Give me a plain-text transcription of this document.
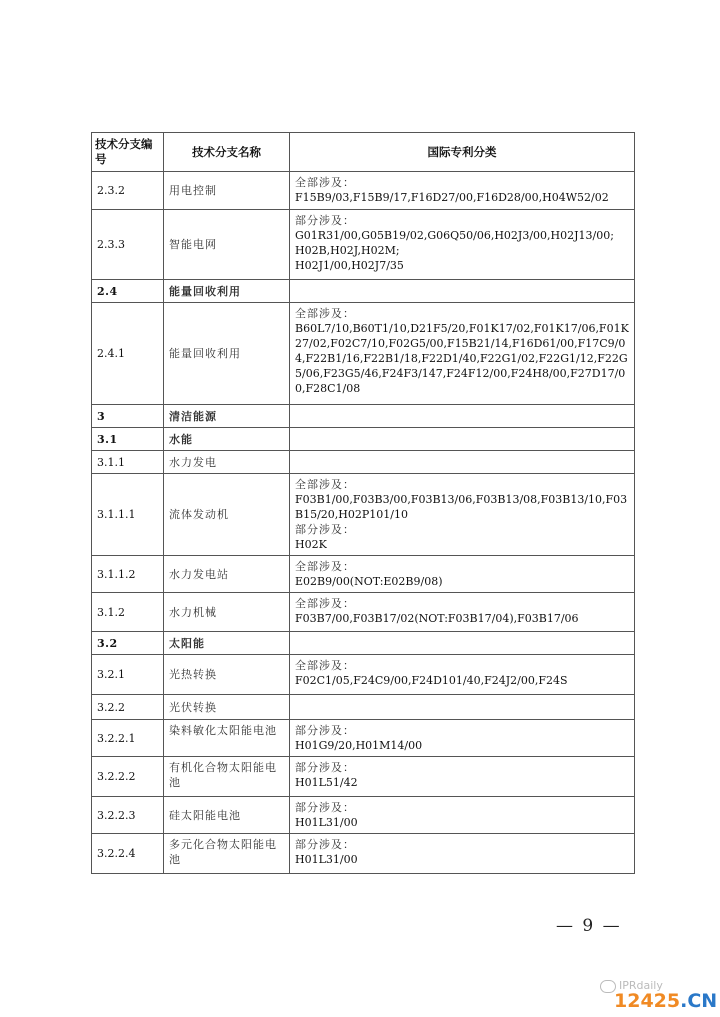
技术分支编号	技术分支名称	国际专利分类
2.3.2	用电控制	全部涉及：
F15B9/03,F15B9/17,F16D27/00,F16D28/00,H04W52/02

2.3.3	智能电网	部分涉及：
G01R31/00,G05B19/02,G06Q50/06,H02J3/00,H02J13/00;
H02B,H02J,H02M;
H02J1/00,H02J7/35

2.4	能量回收利用	
2.4.1	能量回收利用	全部涉及：
B60L7/10,B60T1/10,D21F5/20,F01K17/02,F01K17/06,F01K27/02,F02C7/10,F02G5/00,F15B21/14,F16D61/00,F17C9/04,F22B1/16,F22B1/18,F22D1/40,F22G1/02,F22G1/12,F22G5/06,F23G5/46,F24F3/147,F24F12/00,F24H8/00,F27D17/00,F28C1/08

3	清洁能源	
3.1	水能	
3.1.1	水力发电	
3.1.1.1	流体发动机	全部涉及：
F03B1/00,F03B3/00,F03B13/06,F03B13/08,F03B13/10,F03B15/20,H02P101/10
部分涉及：
H02K

3.1.1.2	水力发电站	全部涉及：
E02B9/00(NOT:E02B9/08)

3.1.2	水力机械	全部涉及：
F03B7/00,F03B17/02(NOT:F03B17/04),F03B17/06

3.2	太阳能	
3.2.1	光热转换	全部涉及：
F02C1/05,F24C9/00,F24D101/40,F24J2/00,F24S

3.2.2	光伏转换	
3.2.2.1	染料敏化太阳能电池	部分涉及：
H01G9/20,H01M14/00

3.2.2.2	有机化合物太阳能电池	部分涉及：
H01L51/42

3.2.2.3	硅太阳能电池	部分涉及：
H01L31/00

3.2.2.4	多元化合物太阳能电池	部分涉及：
H01L31/00
— 9 —
IPRdaily
12425.CN
